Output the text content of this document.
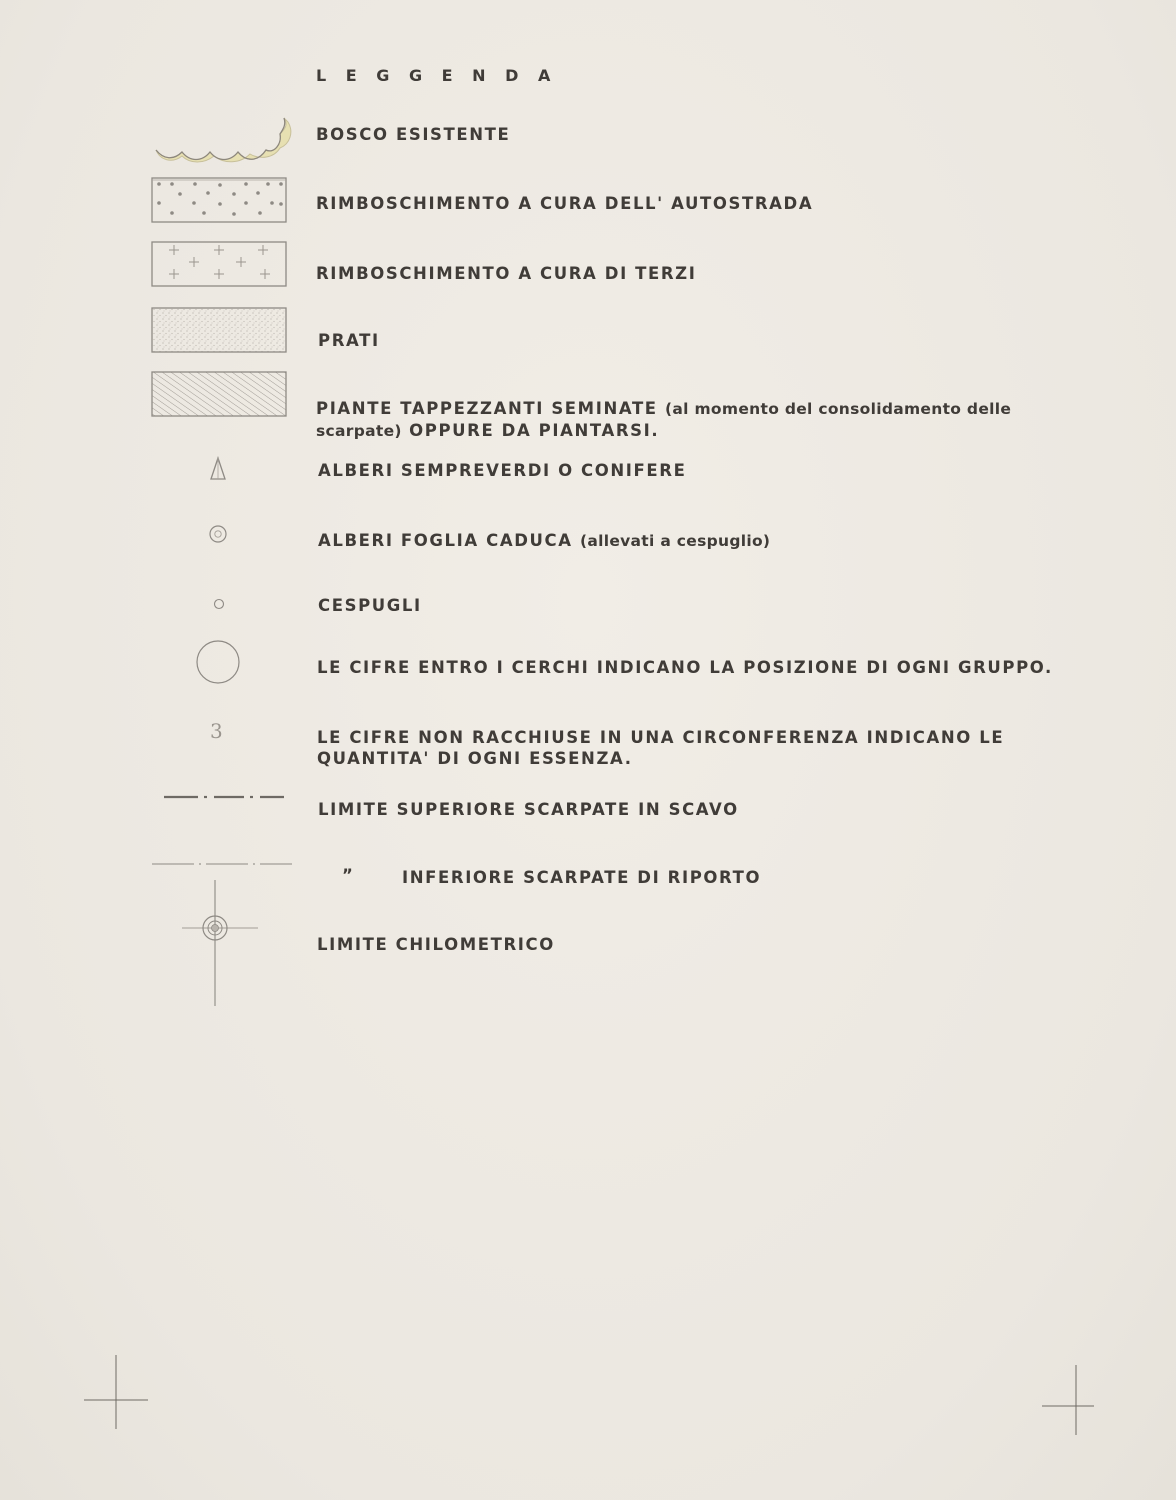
L E G G E N D A
BOSCO ESISTENTE
RIMBOSCHIMENTO A CURA DELL' AUTOSTRADA
RIMBOSCHIMENTO A CURA DI TERZI
PRATI
PIANTE TAPPEZZANTI SEMINATE (al momento del consolidamento delle
scarpate) OPPURE DA PIANTARSI.
ALBERI SEMPREVERDI O CONIFERE
ALBERI FOGLIA CADUCA (allevati a cespuglio)
CESPUGLI
LE CIFRE ENTRO I CERCHI INDICANO LA POSIZIONE DI OGNI GRUPPO.
3	LE CIFRE NON RACCHIUSE IN UNA CIRCONFERENZA INDICANO LE QUANTITA' DI OGNI ESSENZA.
LIMITE SUPERIORE SCARPATE IN SCAVO
”	INFERIORE SCARPATE DI RIPORTO
LIMITE CHILOMETRICO
